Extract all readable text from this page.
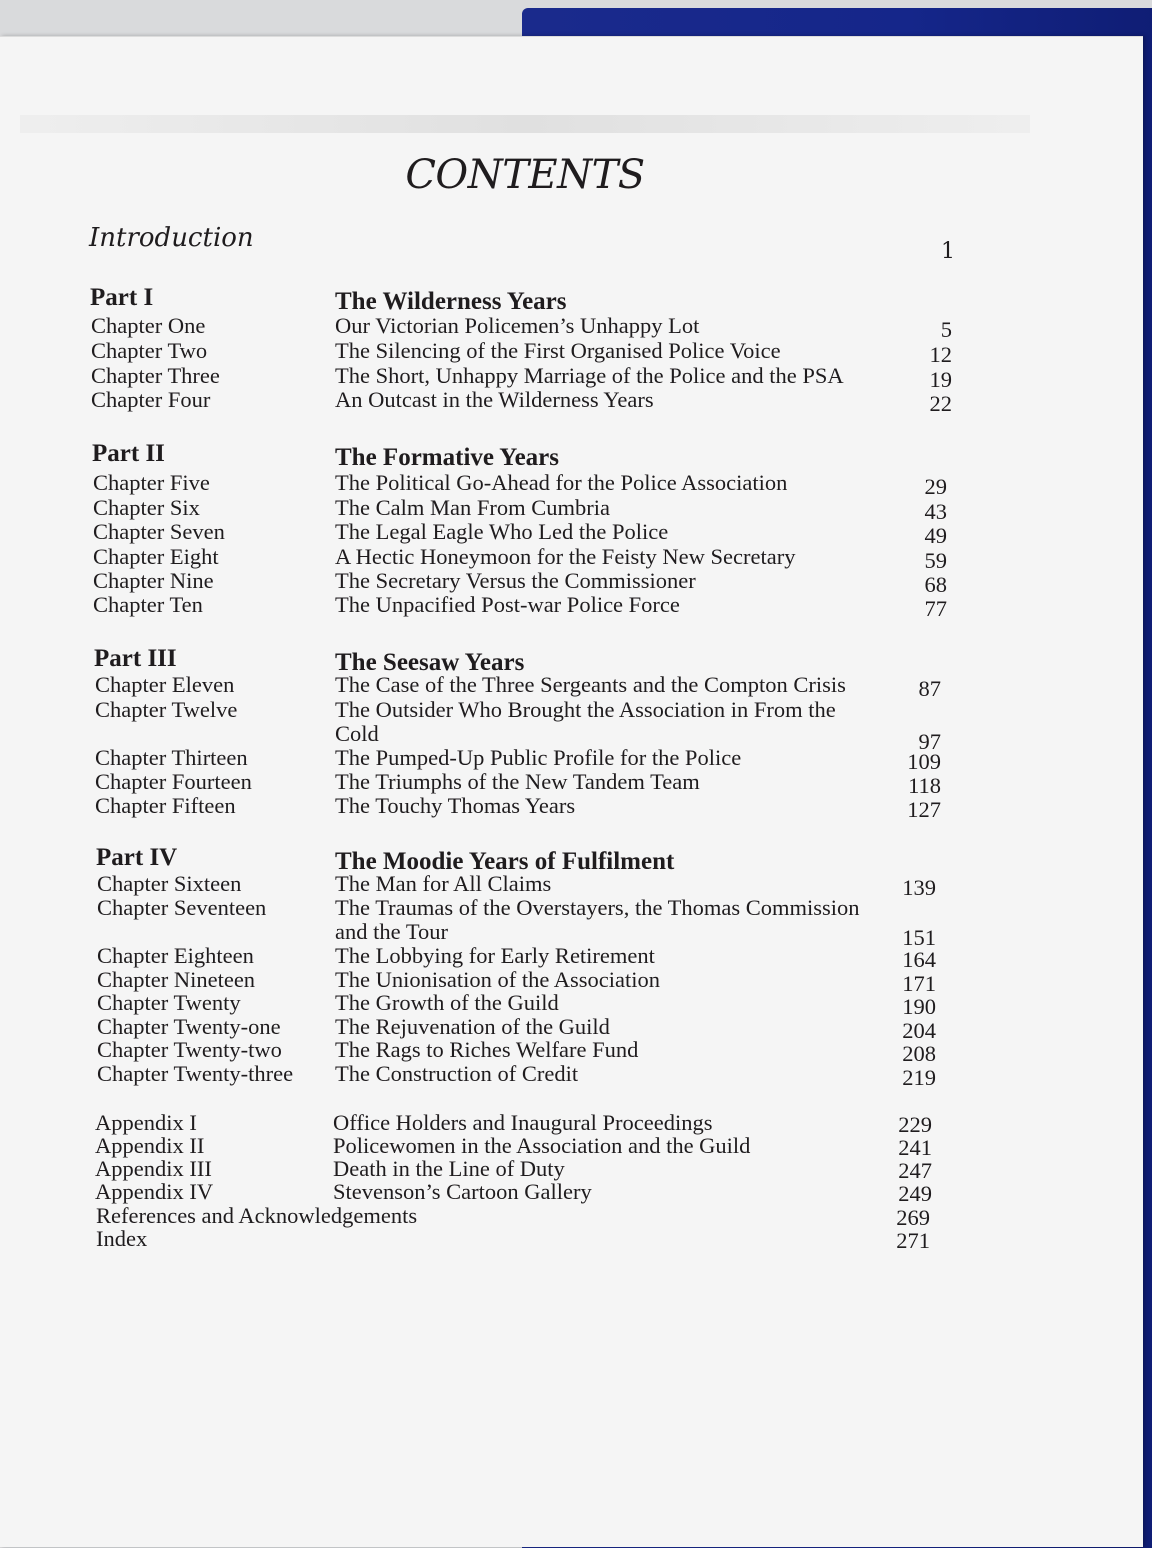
CONTENTS
Introduction	1
Part I	The Wilderness Years
Chapter One	Our Victorian Policemen’s Unhappy Lot	5
Chapter Two	The Silencing of the First Organised Police Voice	12
Chapter Three	The Short, Unhappy Marriage of the Police and the PSA	19
Chapter Four	An Outcast in the Wilderness Years	22
Part II	The Formative Years
Chapter Five	The Political Go-Ahead for the Police Association	29
Chapter Six	The Calm Man From Cumbria	43
Chapter Seven	The Legal Eagle Who Led the Police	49
Chapter Eight	A Hectic Honeymoon for the Feisty New Secretary	59
Chapter Nine	The Secretary Versus the Commissioner	68
Chapter Ten	The Unpacified Post-war Police Force	77
Part III	The Seesaw Years
Chapter Eleven	The Case of the Three Sergeants and the Compton Crisis	87
Chapter Twelve	The Outsider Who Brought the Association in From the
Cold	97
Chapter Thirteen	The Pumped-Up Public Profile for the Police	109
Chapter Fourteen	The Triumphs of the New Tandem Team	118
Chapter Fifteen	The Touchy Thomas Years	127
Part IV	The Moodie Years of Fulfilment
Chapter Sixteen	The Man for All Claims	139
Chapter Seventeen	The Traumas of the Overstayers, the Thomas Commission
and the Tour	151
Chapter Eighteen	The Lobbying for Early Retirement	164
Chapter Nineteen	The Unionisation of the Association	171
Chapter Twenty	The Growth of the Guild	190
Chapter Twenty-one The Rejuvenation of the Guild	204
Chapter Twenty-two The Rags to Riches Welfare Fund	208
Chapter Twenty-three The Construction of Credit	219
Appendix I	Office Holders and Inaugural Proceedings	229
Appendix II	Policewomen in the Association and the Guild	241
Appendix III	Death in the Line of Duty	247
Appendix IV	Stevenson’s Cartoon Gallery	249
References and Acknowledgements	269
Index	271
